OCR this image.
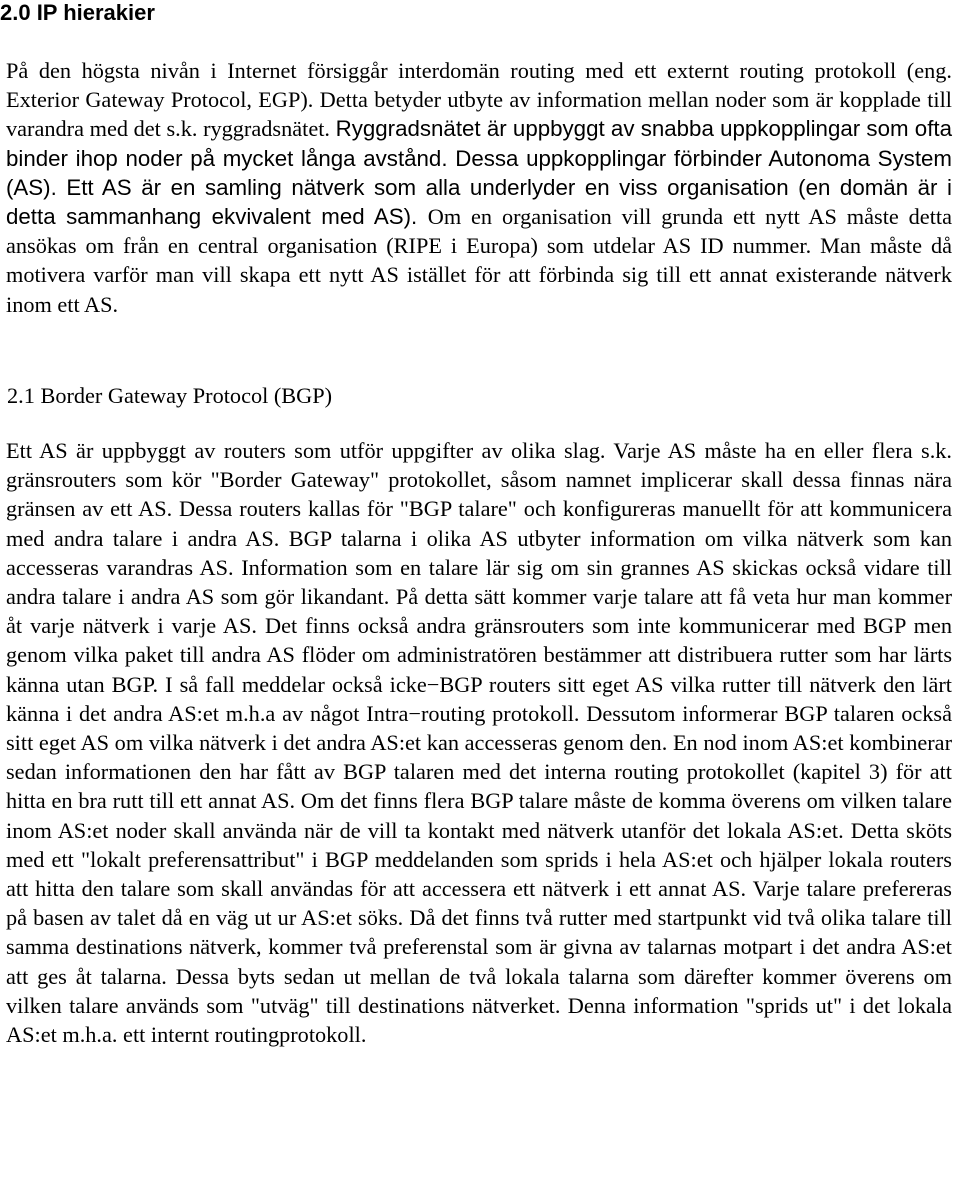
2.0 IP hierakier

På den högsta nivån i Internet försiggår interdomän routing med ett externt routing protokoll (eng. Exterior Gateway Protocol, EGP). Detta betyder utbyte av information mellan noder som är kopplade till varandra med det s.k. ryggradsnätet. Ryggradsnätet är uppbyggt av snabba uppkopplingar som ofta binder ihop noder på mycket långa avstånd. Dessa uppkopplingar förbinder Autonoma System (AS). Ett AS är en samling nätverk som alla underlyder en viss organisation (en domän är i detta sammanhang ekvivalent med AS). Om en organisation vill grunda ett nytt AS måste detta ansökas om från en central organisation (RIPE i Europa) som utdelar AS ID nummer. Man måste då motivera varför man vill skapa ett nytt AS istället för att förbinda sig till ett annat existerande nätverk inom ett AS.

2.1 Border Gateway Protocol (BGP)

Ett AS är uppbyggt av routers som utför uppgifter av olika slag. Varje AS måste ha en eller flera s.k. gränsrouters som kör "Border Gateway" protokollet, såsom namnet implicerar skall dessa finnas nära gränsen av ett AS. Dessa routers kallas för "BGP talare" och konfigureras manuellt för att kommunicera med andra talare i andra AS. BGP talarna i olika AS utbyter information om vilka nätverk som kan accesseras varandras AS. Information som en talare lär sig om sin grannes AS skickas också vidare till andra talare i andra AS som gör likandant. På detta sätt kommer varje talare att få veta hur man kommer åt varje nätverk i varje AS. Det finns också andra gränsrouters som inte kommunicerar med BGP men genom vilka paket till andra AS flöder om administratören bestämmer att distribuera rutter som har lärts känna utan BGP. I så fall meddelar också icke−BGP routers sitt eget AS vilka rutter till nätverk den lärt känna i det andra AS:et m.h.a av något Intra−routing protokoll. Dessutom informerar BGP talaren också sitt eget AS om vilka nätverk i det andra AS:et kan accesseras genom den. En nod inom AS:et kombinerar sedan informationen den har fått av BGP talaren med det interna routing protokollet (kapitel 3) för att hitta en bra rutt till ett annat AS. Om det finns flera BGP talare måste de komma överens om vilken talare inom AS:et noder skall använda när de vill ta kontakt med nätverk utanför det lokala AS:et. Detta sköts med ett "lokalt preferensattribut" i BGP meddelanden som sprids i hela AS:et och hjälper lokala routers att hitta den talare som skall användas för att accessera ett nätverk i ett annat AS. Varje talare prefereras på basen av talet då en väg ut ur AS:et söks. Då det finns två rutter med startpunkt vid två olika talare till samma destinations nätverk, kommer två preferenstal som är givna av talarnas motpart i det andra AS:et att ges åt talarna. Dessa byts sedan ut mellan de två lokala talarna som därefter kommer överens om vilken talare används som "utväg" till destinations nätverket. Denna information "sprids ut" i det lokala AS:et m.h.a. ett internt routingprotokoll.
